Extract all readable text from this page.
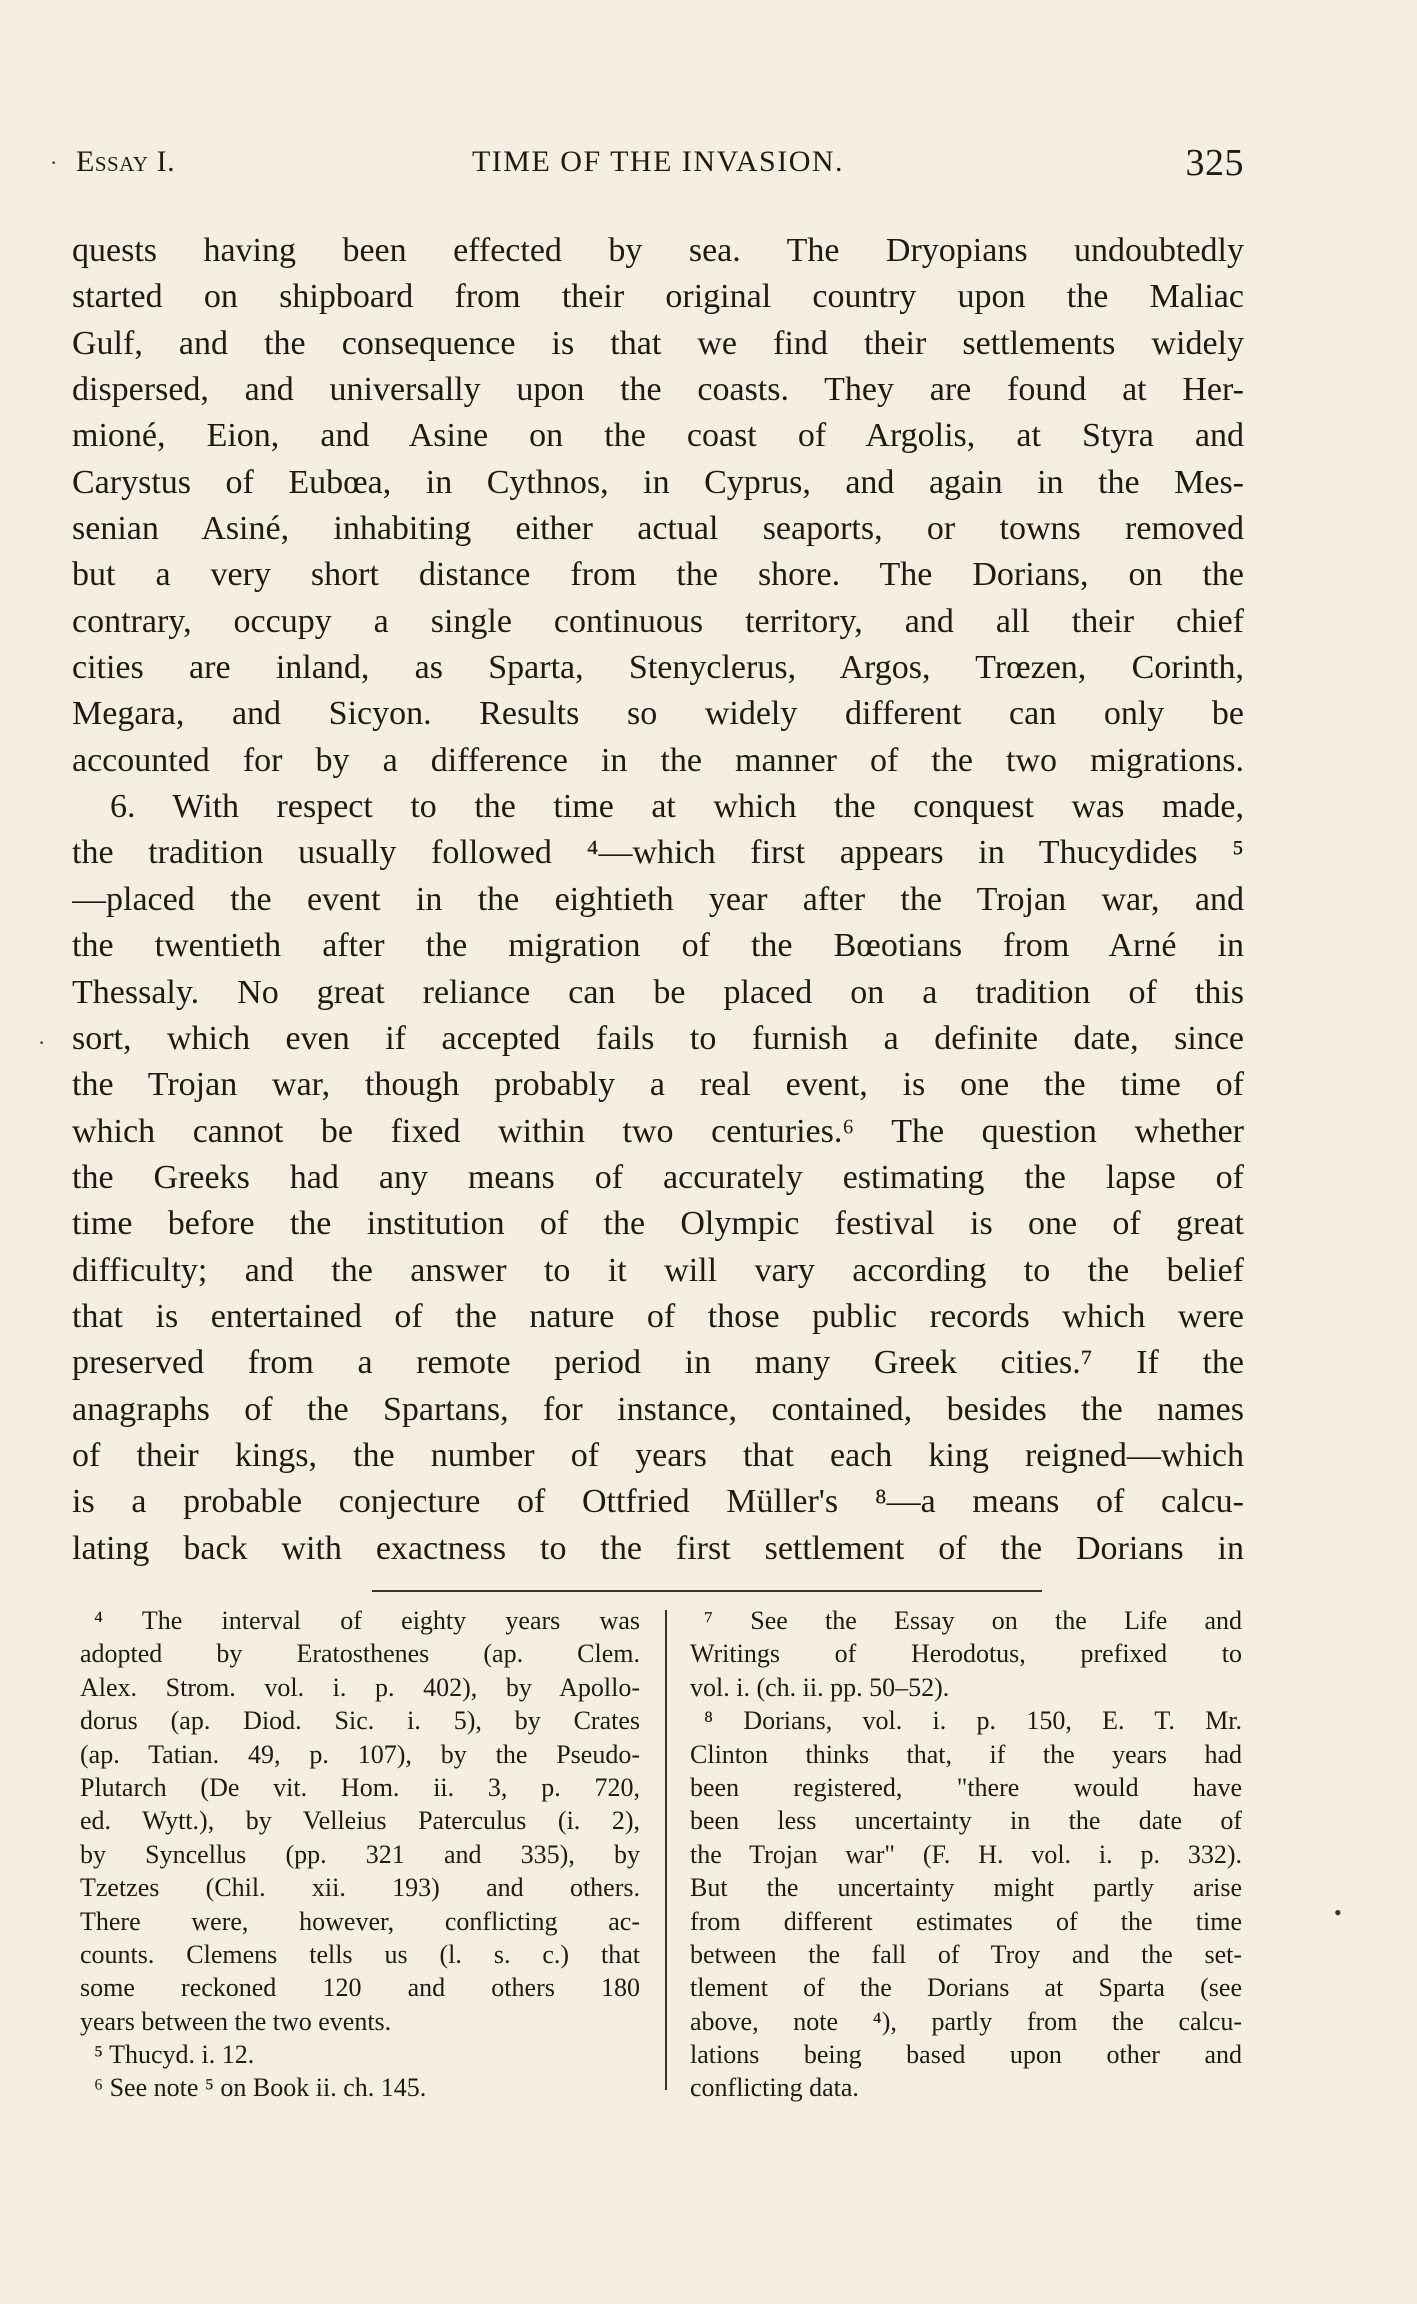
Essay I.	TIME OF THE INVASION.	325
quests having been effected by sea. The Dryopians undoubtedly
started on shipboard from their original country upon the Maliac
Gulf, and the consequence is that we find their settlements widely
dispersed, and universally upon the coasts. They are found at Her-
mioné, Eion, and Asine on the coast of Argolis, at Styra and
Carystus of Eubœa, in Cythnos, in Cyprus, and again in the Mes-
senian Asiné, inhabiting either actual seaports, or towns removed
but a very short distance from the shore. The Dorians, on the
contrary, occupy a single continuous territory, and all their chief
cities are inland, as Sparta, Stenyclerus, Argos, Trœzen, Corinth,
Megara, and Sicyon. Results so widely different can only be
accounted for by a difference in the manner of the two migrations.
6. With respect to the time at which the conquest was made,
the tradition usually followed ⁴—which first appears in Thucydides ⁵
—placed the event in the eightieth year after the Trojan war, and
the twentieth after the migration of the Bœotians from Arné in
Thessaly. No great reliance can be placed on a tradition of this
sort, which even if accepted fails to furnish a definite date, since
the Trojan war, though probably a real event, is one the time of
which cannot be fixed within two centuries.⁶ The question whether
the Greeks had any means of accurately estimating the lapse of
time before the institution of the Olympic festival is one of great
difficulty; and the answer to it will vary according to the belief
that is entertained of the nature of those public records which were
preserved from a remote period in many Greek cities.⁷ If the
anagraphs of the Spartans, for instance, contained, besides the names
of their kings, the number of years that each king reigned—which
is a probable conjecture of Ottfried Müller's ⁸—a means of calcu-
lating back with exactness to the first settlement of the Dorians in
⁴ The interval of eighty years was
adopted by Eratosthenes (ap. Clem.
Alex. Strom. vol. i. p. 402), by Apollo-
dorus (ap. Diod. Sic. i. 5), by Crates
(ap. Tatian. 49, p. 107), by the Pseudo-
Plutarch (De vit. Hom. ii. 3, p. 720,
ed. Wytt.), by Velleius Paterculus (i. 2),
by Syncellus (pp. 321 and 335), by
Tzetzes (Chil. xii. 193) and others.
There were, however, conflicting ac-
counts. Clemens tells us (l. s. c.) that
some reckoned 120 and others 180
years between the two events.
⁵ Thucyd. i. 12.
⁶ See note ⁵ on Book ii. ch. 145.
⁷ See the Essay on the Life and
Writings of Herodotus, prefixed to
vol. i. (ch. ii. pp. 50–52).
⁸ Dorians, vol. i. p. 150, E. T. Mr.
Clinton thinks that, if the years had
been registered, "there would have
been less uncertainty in the date of
the Trojan war" (F. H. vol. i. p. 332).
But the uncertainty might partly arise
from different estimates of the time
between the fall of Troy and the set-
tlement of the Dorians at Sparta (see
above, note ⁴), partly from the calcu-
lations being based upon other and
conflicting data.
·
·
•
